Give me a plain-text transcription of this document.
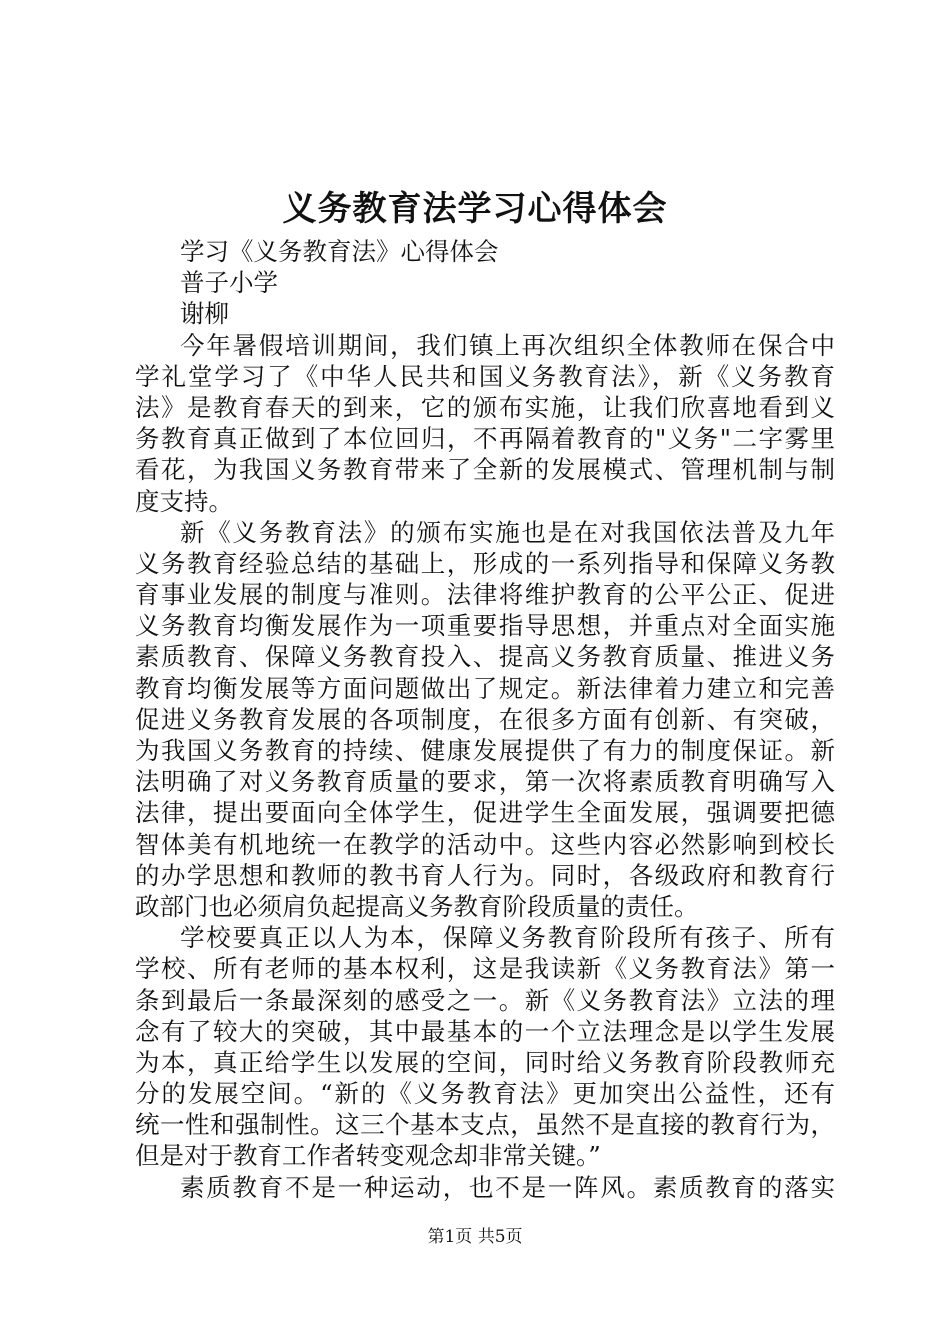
义务教育法学习心得体会
学习《义务教育法》心得体会
普子小学
谢柳
今年暑假培训期间，我们镇上再次组织全体教师在保合中
学礼堂学习了《中华人民共和国义务教育法》，新《义务教育
法》是教育春天的到来，它的颁布实施，让我们欣喜地看到义
务教育真正做到了本位回归，不再隔着教育的"义务"二字雾里
看花，为我国义务教育带来了全新的发展模式、管理机制与制
度支持。
新《义务教育法》的颁布实施也是在对我国依法普及九年
义务教育经验总结的基础上，形成的一系列指导和保障义务教
育事业发展的制度与准则。法律将维护教育的公平公正、促进
义务教育均衡发展作为一项重要指导思想，并重点对全面实施
素质教育、保障义务教育投入、提高义务教育质量、推进义务
教育均衡发展等方面问题做出了规定。新法律着力建立和完善
促进义务教育发展的各项制度，在很多方面有创新、有突破，
为我国义务教育的持续、健康发展提供了有力的制度保证。新
法明确了对义务教育质量的要求，第一次将素质教育明确写入
法律，提出要面向全体学生，促进学生全面发展，强调要把德
智体美有机地统一在教学的活动中。这些内容必然影响到校长
的办学思想和教师的教书育人行为。同时，各级政府和教育行
政部门也必须肩负起提高义务教育阶段质量的责任。
学校要真正以人为本，保障义务教育阶段所有孩子、所有
学校、所有老师的基本权利，这是我读新《义务教育法》第一
条到最后一条最深刻的感受之一。新《义务教育法》立法的理
念有了较大的突破，其中最基本的一个立法理念是以学生发展
为本，真正给学生以发展的空间，同时给义务教育阶段教师充
分的发展空间。“新的《义务教育法》更加突出公益性，还有
统一性和强制性。这三个基本支点，虽然不是直接的教育行为，
但是对于教育工作者转变观念却非常关键。”
素质教育不是一种运动，也不是一阵风。素质教育的落实
第1页 共5页
